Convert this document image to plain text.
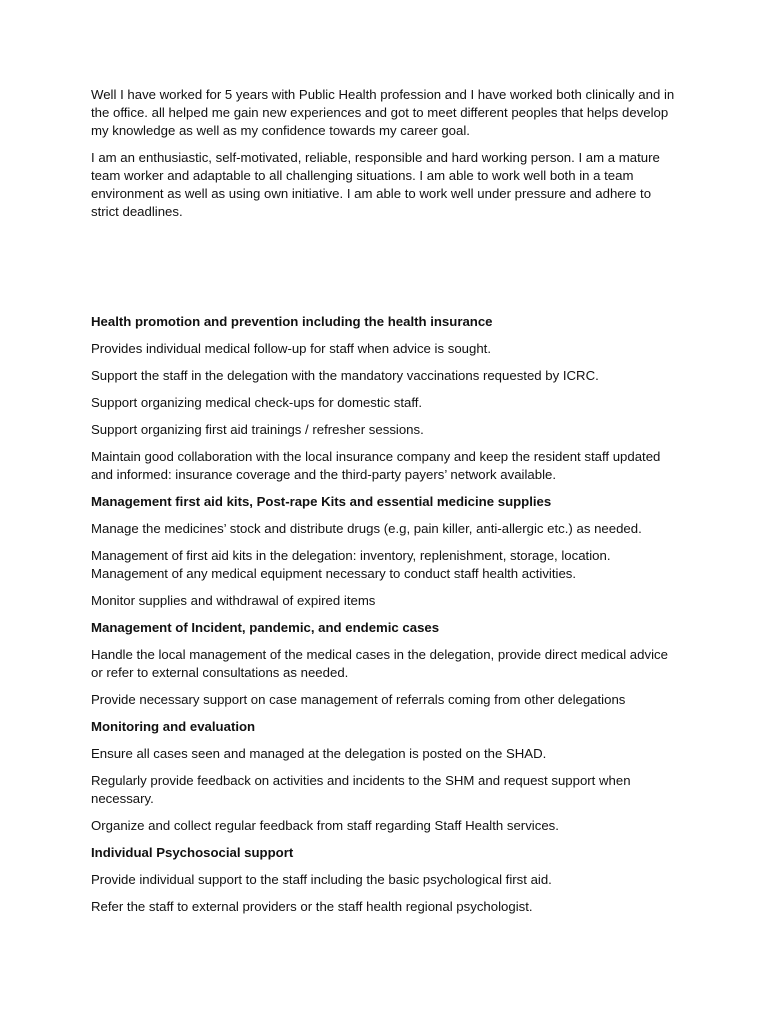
Well I have worked for 5 years with Public Health profession and I have worked both clinically and in the office. all helped me gain new experiences and got to meet different peoples that helps develop my knowledge as well as my confidence towards my career goal.

I am an enthusiastic, self-motivated, reliable, responsible and hard working person. I am a mature team worker and adaptable to all challenging situations. I am able to work well both in a team environment as well as using own initiative. I am able to work well under pressure and adhere to strict deadlines.

Health promotion and prevention including the health insurance

Provides individual medical follow-up for staff when advice is sought.

Support the staff in the delegation with the mandatory vaccinations requested by ICRC.

Support organizing medical check-ups for domestic staff.

Support organizing first aid trainings / refresher sessions.

Maintain good collaboration with the local insurance company and keep the resident staff updated and informed: insurance coverage and the third-party payers’ network available.

Management first aid kits, Post-rape Kits and essential medicine supplies

Manage the medicines’ stock and distribute drugs (e.g, pain killer, anti-allergic etc.) as needed.

Management of first aid kits in the delegation: inventory, replenishment, storage, location. Management of any medical equipment necessary to conduct staff health activities.

Monitor supplies and withdrawal of expired items

Management of Incident, pandemic, and endemic cases

Handle the local management of the medical cases in the delegation, provide direct medical advice or refer to external consultations as needed.

Provide necessary support on case management of referrals coming from other delegations

Monitoring and evaluation

Ensure all cases seen and managed at the delegation is posted on the SHAD.

Regularly provide feedback on activities and incidents to the SHM and request support when necessary.

Organize and collect regular feedback from staff regarding Staff Health services.

Individual Psychosocial support

Provide individual support to the staff including the basic psychological first aid.

Refer the staff to external providers or the staff health regional psychologist.
